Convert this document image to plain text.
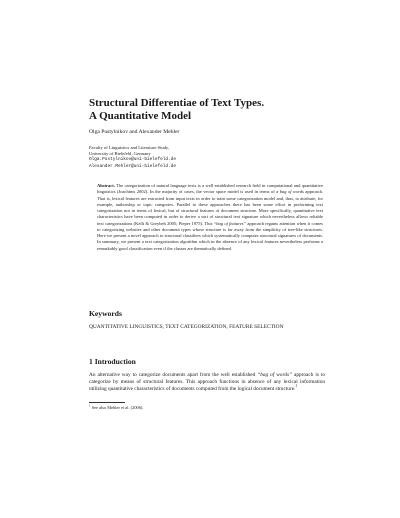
Structural Differentiae of Text Types.
A Quantitative Model

Olga Pustylnikov and Alexander Mehler

Faculty of Linguistics and Literature Study,
University of Bielefeld, Germany
Olga.Pustylnikov@uni-bielefeld.de
Alexander.Mehler@uni-bielefeld.de

Abstract. The categorization of natural language texts is a well established research field in computational and quantitative linguistics (Joachims 2002). In the majority of cases, the vector space model is used in terms of a bag of words approach. That is, lexical features are extracted from input texts in order to train some categorization model and, thus, to attribute, for example, authorship or topic categories. Parallel to these approaches there has been some effort in performing text categorization not in terms of lexical, but of structural features of document structure. More specifically, quantitative text characteristics have been computed in order to derive a sort of structural text signature which nevertheless allows reliable text categorizations (Kellt & Greybeh 2005; Pieper 1975). This “bag of features” approach regains attention when it comes to categorizing websites and other document types whose structure is far away from the simplicity of tree-like structures. Here we present a novel approach to structural classifiers which systematically computes structural signatures of documents. In summary, we present a text categorization algorithm which in the absence of any lexical features nevertheless performs a remarkably good classification even if the classes are thematically defined.

Keywords

QUANTITATIVE LINGUISTICS, TEXT CATEGORIZATION, FEATURE SELECTION

1 Introduction

An alternative way to categorize documents apart from the well established “bag of words” approach is to categorize by means of structural features. This approach functions in absence of any lexical information utilizing quantitative characteristics of documents computed from the logical document structure.$^1$

$^1$ See also Mehler et al. (2006).
